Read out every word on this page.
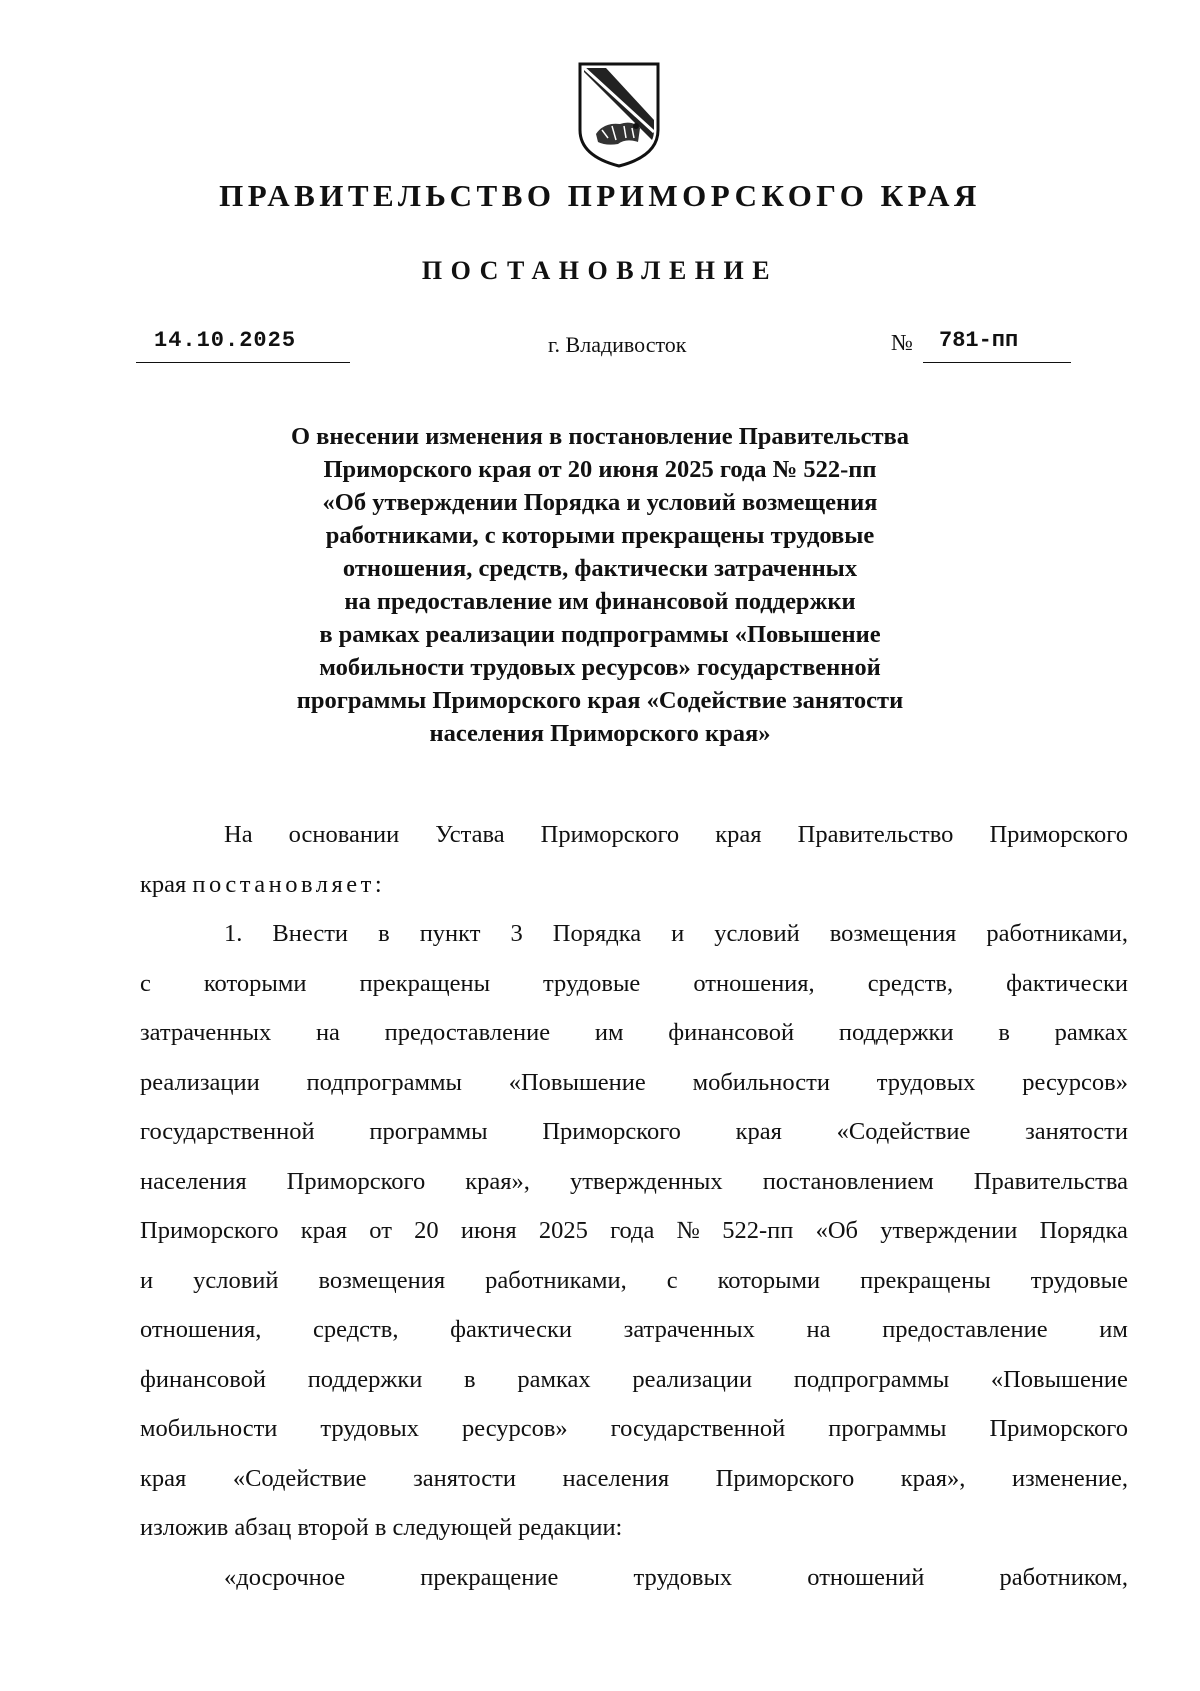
ПРАВИТЕЛЬСТВО ПРИМОРСКОГО КРАЯ
ПОСТАНОВЛЕНИЕ
14.10.2025	г. Владивосток	№ 781-пп
О внесении изменения в постановление Правительства
Приморского края от 20 июня 2025 года № 522-пп
«Об утверждении Порядка и условий возмещения
работниками, с которыми прекращены трудовые
отношения, средств, фактически затраченных
на предоставление им финансовой поддержки
в рамках реализации подпрограммы «Повышение
мобильности трудовых ресурсов» государственной
программы Приморского края «Содействие занятости
населения Приморского края»
На основании Устава Приморского края Правительство Приморского
края постановляет:
1. Внести в пункт 3 Порядка и условий возмещения работниками,
с которыми прекращены трудовые отношения, средств, фактически
затраченных на предоставление им финансовой поддержки в рамках
реализации подпрограммы «Повышение мобильности трудовых ресурсов»
государственной программы Приморского края «Содействие занятости
населения Приморского края», утвержденных постановлением Правительства
Приморского края от 20 июня 2025 года № 522-пп «Об утверждении Порядка
и условий возмещения работниками, с которыми прекращены трудовые
отношения, средств, фактически затраченных на предоставление им
финансовой поддержки в рамках реализации подпрограммы «Повышение
мобильности трудовых ресурсов» государственной программы Приморского
края «Содействие занятости населения Приморского края», изменение,
изложив абзац второй в следующей редакции:
«досрочное	прекращение	трудовых	отношений	работником,
